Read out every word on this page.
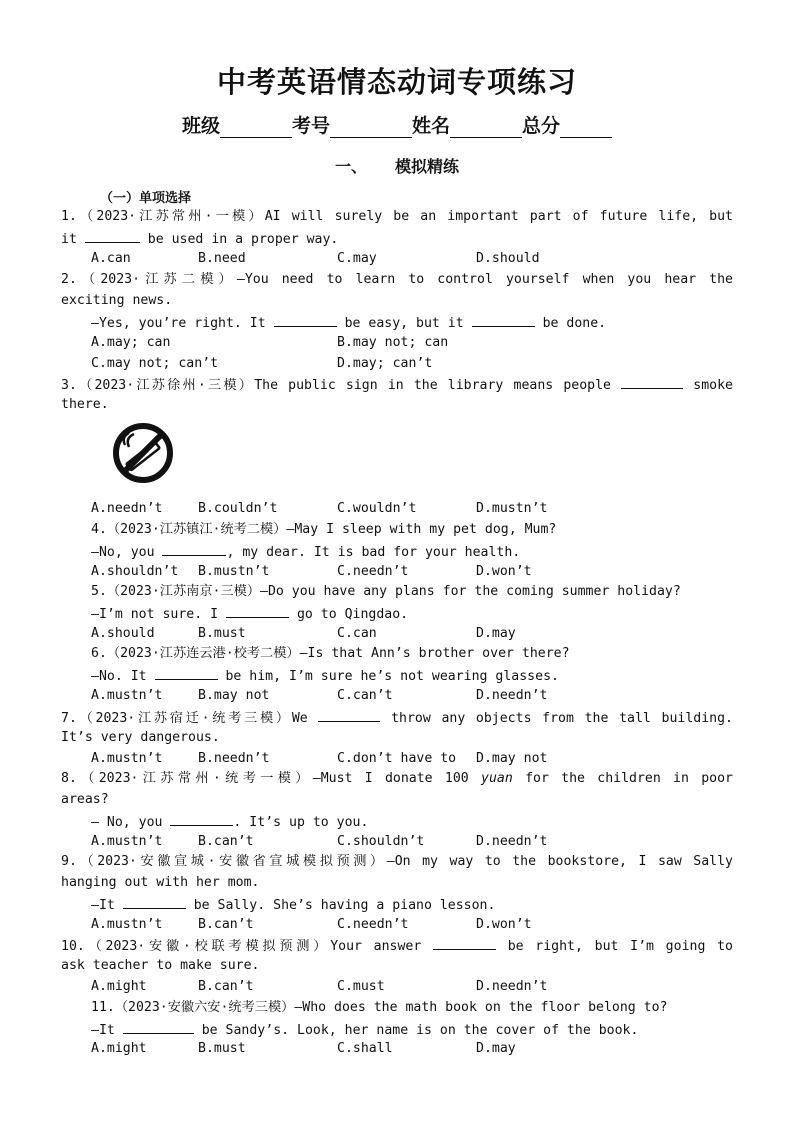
中考英语情态动词专项练习
班级	考号	姓名	总分
一、 模拟精练
（一）单项选择
1.（2023·江苏常州·一模）AI will surely be an important part of future life, but
it	be used in a proper way.
A.can	B.need	C.may	D.should
2.（2023·江苏二模）—You need to learn to control yourself when you hear the
exciting news.
—Yes, you’re right. It	be easy, but it	be done.
A.may; can	B.may not; can
C.may not; can’t	D.may; can’t
3.（2023·江苏徐州·三模）The public sign in the library means people	smoke
there.
A.needn’t	B.couldn’t	C.wouldn’t	D.mustn’t
4.（2023·江苏镇江·统考二模）—May I sleep with my pet dog, Mum?
—No, you	, my dear. It is bad for your health.
A.shouldn’t B.mustn’t	C.needn’t	D.won’t
5.（2023·江苏南京·三模）—Do you have any plans for the coming summer holiday?
—I’m not sure. I	go to Qingdao.
A.should	B.must	C.can	D.may
6.（2023·江苏连云港·校考二模）—Is that Ann’s brother over there?
—No. It	be him, I’m sure he’s not wearing glasses.
A.mustn’t	B.may not	C.can’t	D.needn’t
7.（2023·江苏宿迁·统考三模）We	throw any objects from the tall building.
It’s very dangerous.
A.mustn’t	B.needn’t	C.don’t have to D.may not
8.（2023·江苏常州·统考一模）—Must I donate 100 yuan for the children in poor
areas?
— No, you	. It’s up to you.
A.mustn’t	B.can’t	C.shouldn’t	D.needn’t
9.（2023·安徽宣城·安徽省宣城模拟预测）—On my way to the bookstore, I saw Sally
hanging out with her mom.
—It	be Sally. She’s having a piano lesson.
A.mustn’t	B.can’t	C.needn’t	D.won’t
10.（2023·安徽·校联考模拟预测）Your answer	be right, but I’m going to
ask teacher to make sure.
A.might	B.can’t	C.must	D.needn’t
11.（2023·安徽六安·统考三模）—Who does the math book on the floor belong to?
—It	be Sandy’s. Look, her name is on the cover of the book.
A.might	B.must	C.shall	D.may
